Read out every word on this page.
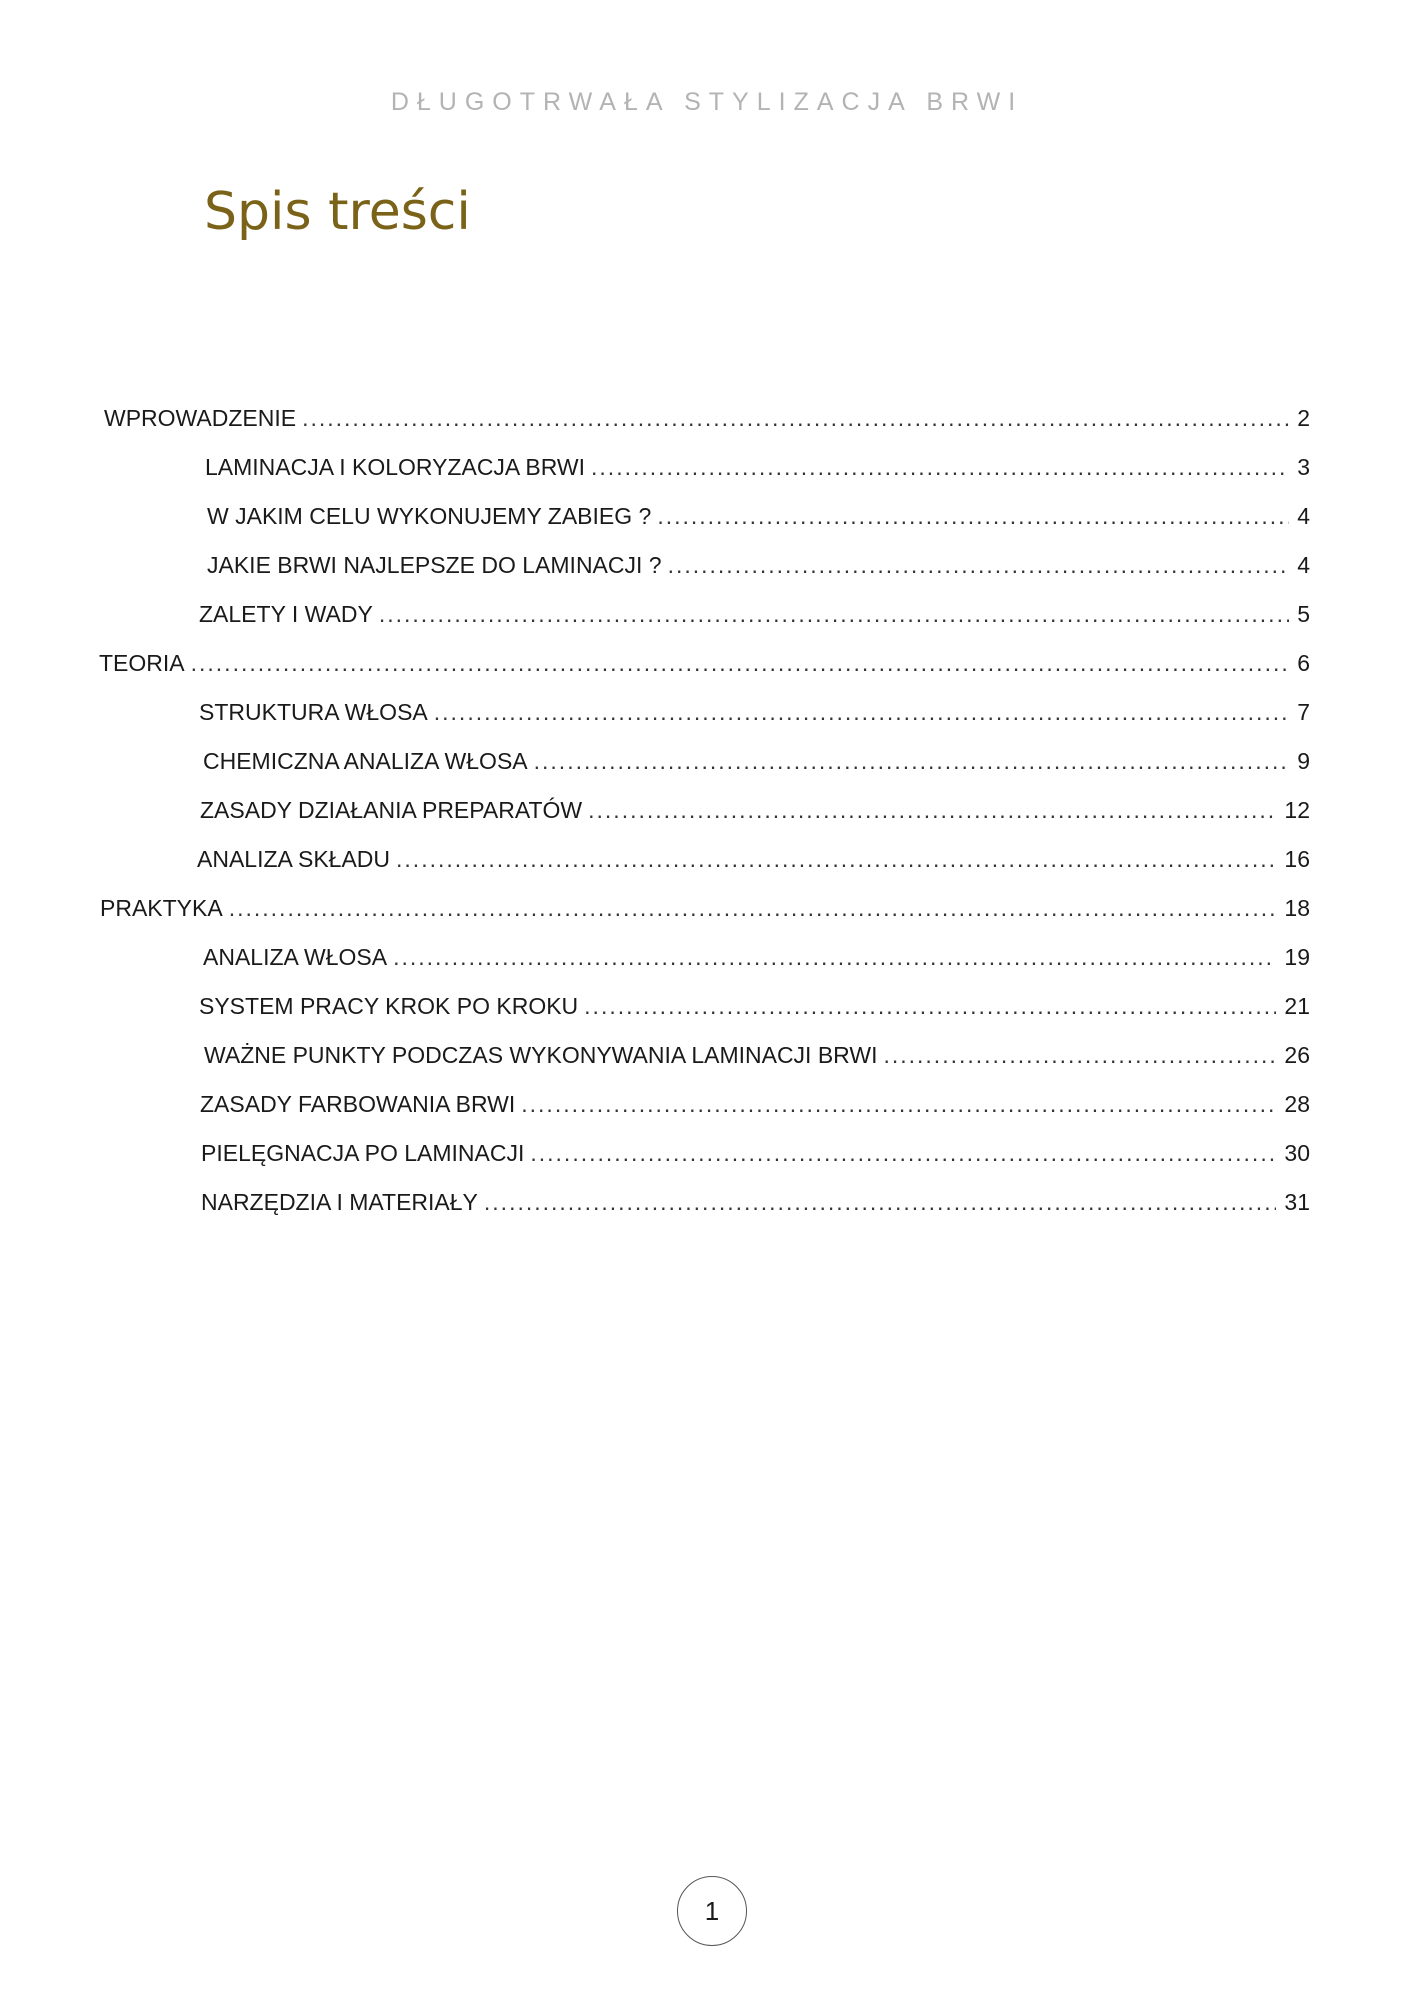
DŁUGOTRWAŁA STYLIZACJA BRWI
Spis treści
WPROWADZENIE .....	2
LAMINACJA I KOLORYZACJA BRWI .....	3
W JAKIM CELU WYKONUJEMY ZABIEG ? .....	4
JAKIE BRWI NAJLEPSZE DO LAMINACJI ? .....	4
ZALETY I WADY .....	5
TEORIA .....	6
STRUKTURA WŁOSA .....	7
CHEMICZNA ANALIZA WŁOSA .....	9
ZASADY DZIAŁANIA PREPARATÓW .....	12
ANALIZA SKŁADU .....	16
PRAKTYKA .....	18
ANALIZA WŁOSA .....	19
SYSTEM PRACY KROK PO KROKU .....	21
WAŻNE PUNKTY PODCZAS WYKONYWANIA LAMINACJI BRWI .....	26
ZASADY FARBOWANIA BRWI .....	28
PIELĘGNACJA PO LAMINACJI .....	30
NARZĘDZIA I MATERIAŁY .....	31
1
